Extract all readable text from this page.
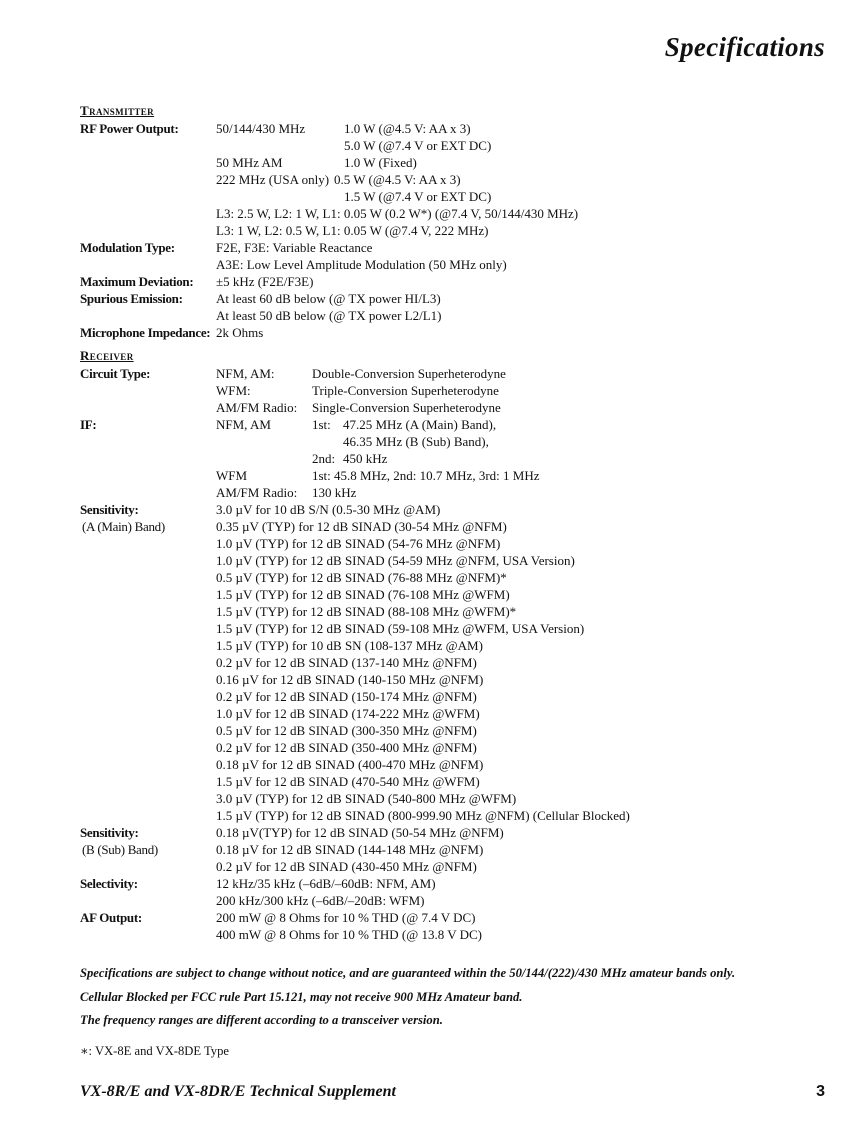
Specifications
Transmitter
RF Power Output:	50/144/430 MHz	1.0 W (@4.5 V: AA x 3)
5.0 W (@7.4 V or EXT DC)
50 MHz AM	1.0 W (Fixed)
222 MHz (USA only) 0.5 W (@4.5 V: AA x 3)
1.5 W (@7.4 V or EXT DC)
L3: 2.5 W, L2: 1 W, L1: 0.05 W (0.2 W*) (@7.4 V, 50/144/430 MHz)
L3: 1 W, L2: 0.5 W, L1: 0.05 W (@7.4 V, 222 MHz)
Modulation Type:	F2E, F3E: Variable Reactance
A3E: Low Level Amplitude Modulation (50 MHz only)
Maximum Deviation: ±5 kHz (F2E/F3E)
Spurious Emission:	At least 60 dB below (@ TX power HI/L3)
At least 50 dB below (@ TX power L2/L1)
Microphone Impedance: 2k Ohms
Receiver
Circuit Type:	NFM, AM:	Double-Conversion Superheterodyne
WFM:	Triple-Conversion Superheterodyne
AM/FM Radio: Single-Conversion Superheterodyne
IF:	NFM, AM	1st: 47.25 MHz (A (Main) Band),
46.35 MHz (B (Sub) Band),
2nd: 450 kHz
WFM	1st: 45.8 MHz, 2nd: 10.7 MHz, 3rd: 1 MHz
AM/FM Radio: 130 kHz
Sensitivity:	3.0 µV for 10 dB S/N (0.5-30 MHz @AM)
(A (Main) Band)	0.35 µV (TYP) for 12 dB SINAD (30-54 MHz @NFM)
1.0 µV (TYP) for 12 dB SINAD (54-76 MHz @NFM)
1.0 µV (TYP) for 12 dB SINAD (54-59 MHz @NFM, USA Version)
0.5 µV (TYP) for 12 dB SINAD (76-88 MHz @NFM)*
1.5 µV (TYP) for 12 dB SINAD (76-108 MHz @WFM)
1.5 µV (TYP) for 12 dB SINAD (88-108 MHz @WFM)*
1.5 µV (TYP) for 12 dB SINAD (59-108 MHz @WFM, USA Version)
1.5 µV (TYP) for 10 dB SN (108-137 MHz @AM)
0.2 µV for 12 dB SINAD (137-140 MHz @NFM)
0.16 µV for 12 dB SINAD (140-150 MHz @NFM)
0.2 µV for 12 dB SINAD (150-174 MHz @NFM)
1.0 µV for 12 dB SINAD (174-222 MHz @WFM)
0.5 µV for 12 dB SINAD (300-350 MHz @NFM)
0.2 µV for 12 dB SINAD (350-400 MHz @NFM)
0.18 µV for 12 dB SINAD (400-470 MHz @NFM)
1.5 µV for 12 dB SINAD (470-540 MHz @WFM)
3.0 µV (TYP) for 12 dB SINAD (540-800 MHz @WFM)
1.5 µV (TYP) for 12 dB SINAD (800-999.90 MHz @NFM) (Cellular Blocked)
Sensitivity:	0.18 µV(TYP) for 12 dB SINAD (50-54 MHz @NFM)
(B (Sub) Band)	0.18 µV for 12 dB SINAD (144-148 MHz @NFM)
0.2 µV for 12 dB SINAD (430-450 MHz @NFM)
Selectivity:	12 kHz/35 kHz (–6dB/–60dB: NFM, AM)
200 kHz/300 kHz (–6dB/–20dB: WFM)
AF Output:	200 mW @ 8 Ohms for 10 % THD (@ 7.4 V DC)
400 mW @ 8 Ohms for 10 % THD (@ 13.8 V DC)
Specifications are subject to change without notice, and are guaranteed within the 50/144/(222)/430 MHz amateur bands only.
Cellular Blocked per FCC rule Part 15.121, may not receive 900 MHz Amateur band.
The frequency ranges are different according to a transceiver version.
∗: VX-8E and VX-8DE Type
VX-8R/E and VX-8DR/E Technical Supplement	3
